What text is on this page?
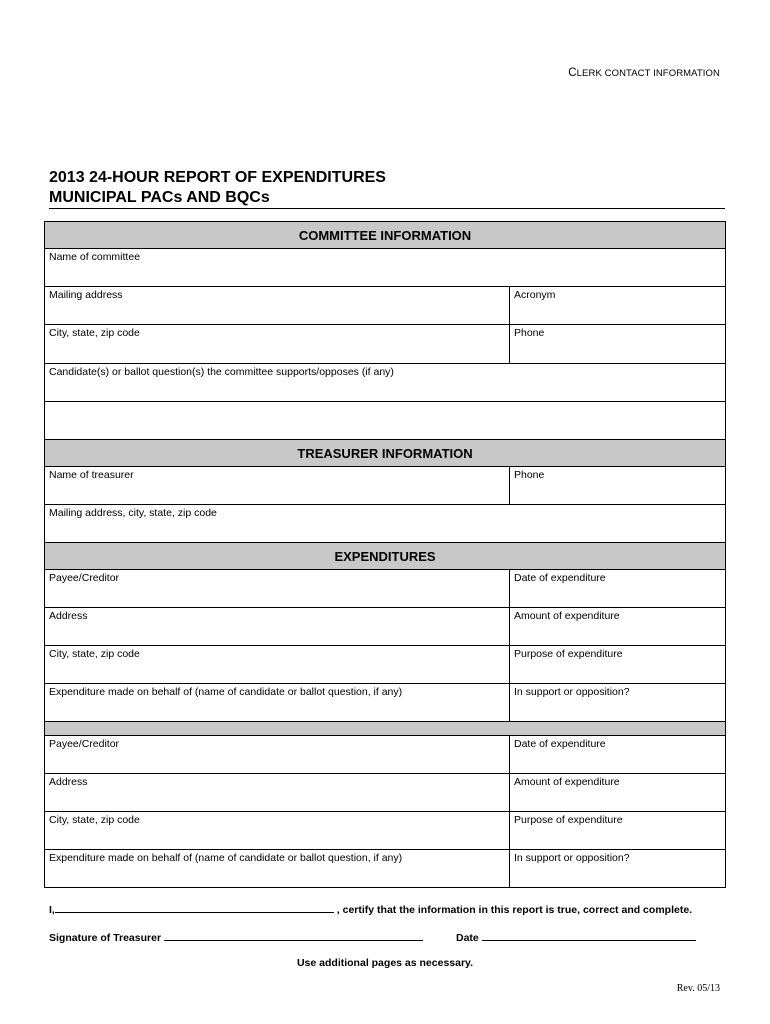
CLERK CONTACT INFORMATION
2013 24-HOUR REPORT OF EXPENDITURES
MUNICIPAL PACs AND BQCs
COMMITTEE INFORMATION	
Name of committee	
Mailing address	Acronym
City, state, zip code	Phone
Candidate(s) or ballot question(s) the committee supports/opposes (if any)	

TREASURER INFORMATION	
Name of treasurer	Phone
Mailing address, city, state, zip code	
EXPENDITURES	
Payee/Creditor	Date of expenditure
Address	Amount of expenditure
City, state, zip code	Purpose of expenditure
Expenditure made on behalf of (name of candidate or ballot question, if any)	In support or opposition?

Payee/Creditor	Date of expenditure
Address	Amount of expenditure
City, state, zip code	Purpose of expenditure
Expenditure made on behalf of (name of candidate or ballot question, if any)	In support or opposition?
I,	, certify that the information in this report is true, correct and complete.
Signature of Treasurer	Date
Use additional pages as necessary.
Rev. 05/13
